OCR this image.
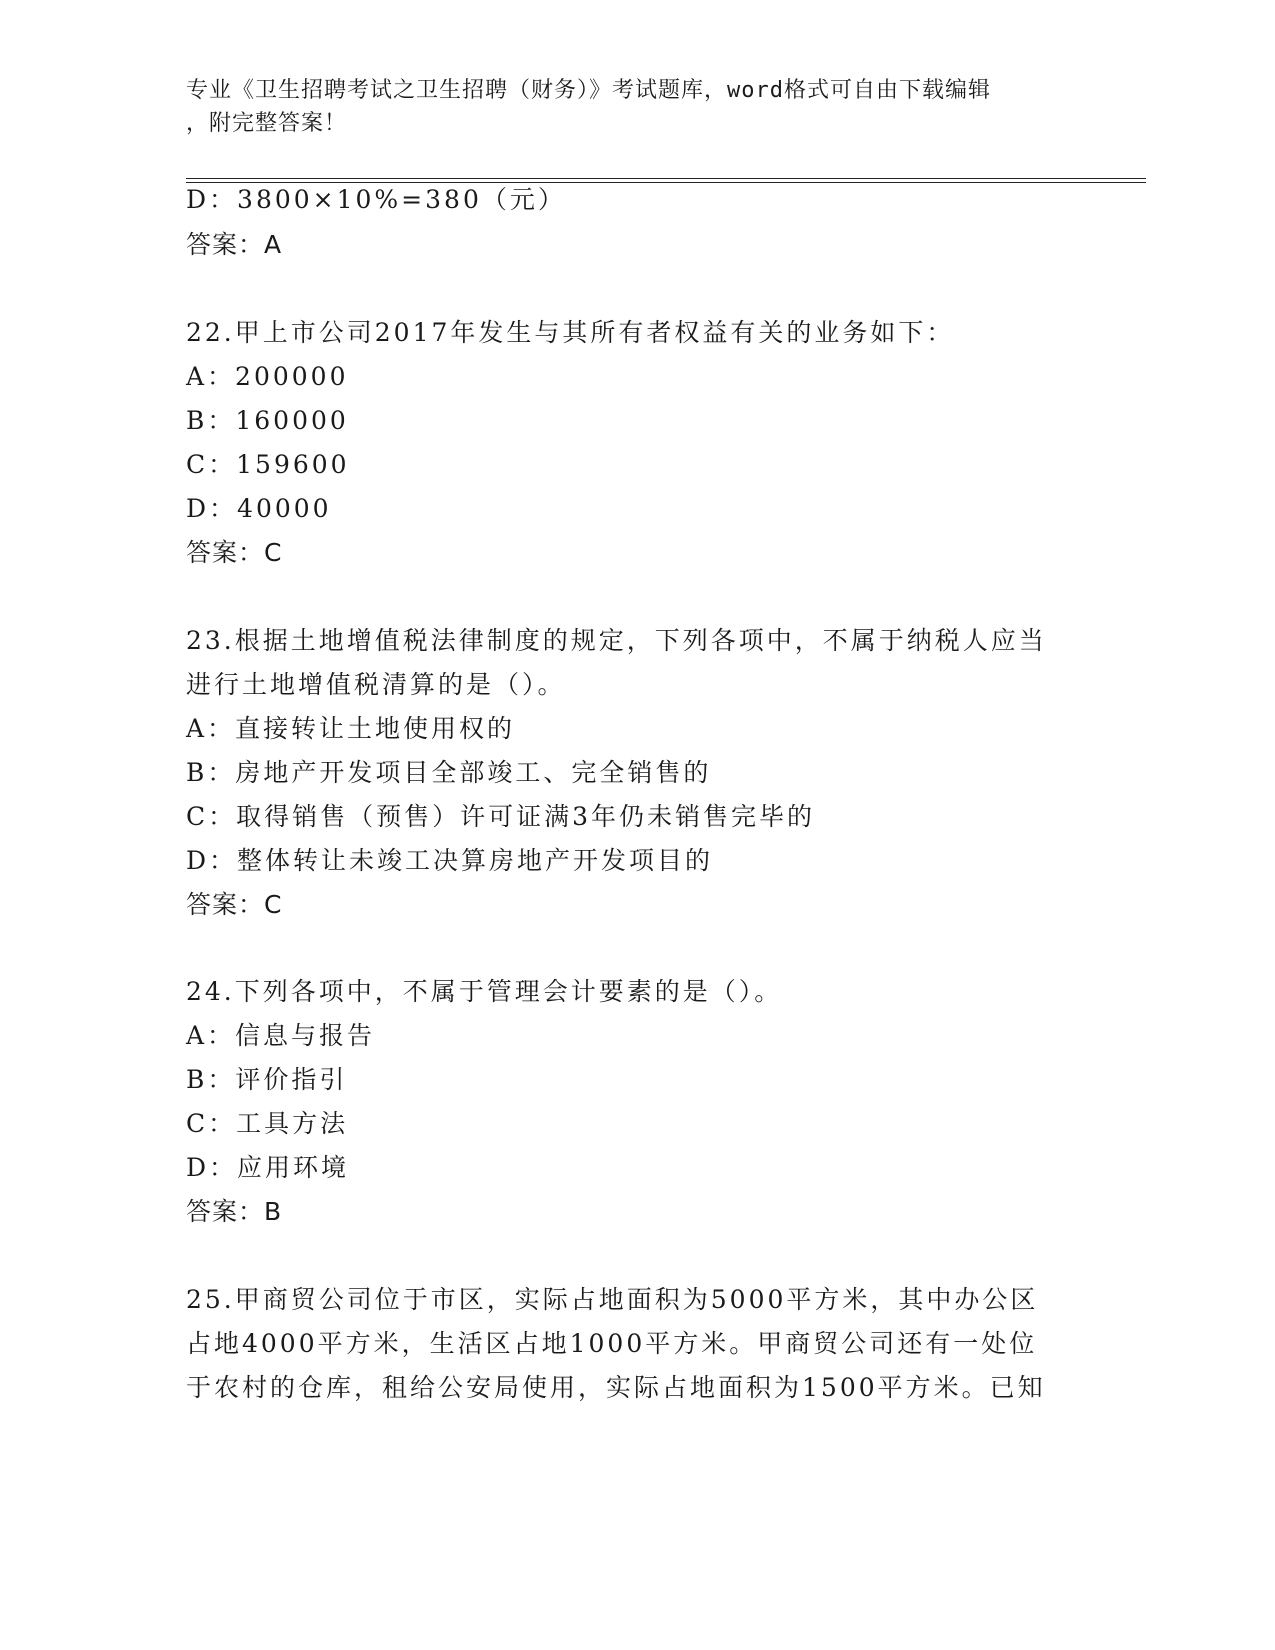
专业《卫生招聘考试之卫生招聘（财务）》考试题库，word格式可自由下载编辑
，附完整答案！
D：3800×10%=380（元）
答案：A
22.甲上市公司2017年发生与其所有者权益有关的业务如下：
A：200000
B：160000
C：159600
D：40000
答案：C
23.根据土地增值税法律制度的规定，下列各项中，不属于纳税人应当
进行土地增值税清算的是（）。
A：直接转让土地使用权的
B：房地产开发项目全部竣工、完全销售的
C：取得销售（预售）许可证满3年仍未销售完毕的
D：整体转让未竣工决算房地产开发项目的
答案：C
24.下列各项中，不属于管理会计要素的是（）。
A：信息与报告
B：评价指引
C：工具方法
D：应用环境
答案：B
25.甲商贸公司位于市区，实际占地面积为5000平方米，其中办公区
占地4000平方米，生活区占地1000平方米。甲商贸公司还有一处位
于农村的仓库，租给公安局使用，实际占地面积为1500平方米。已知
